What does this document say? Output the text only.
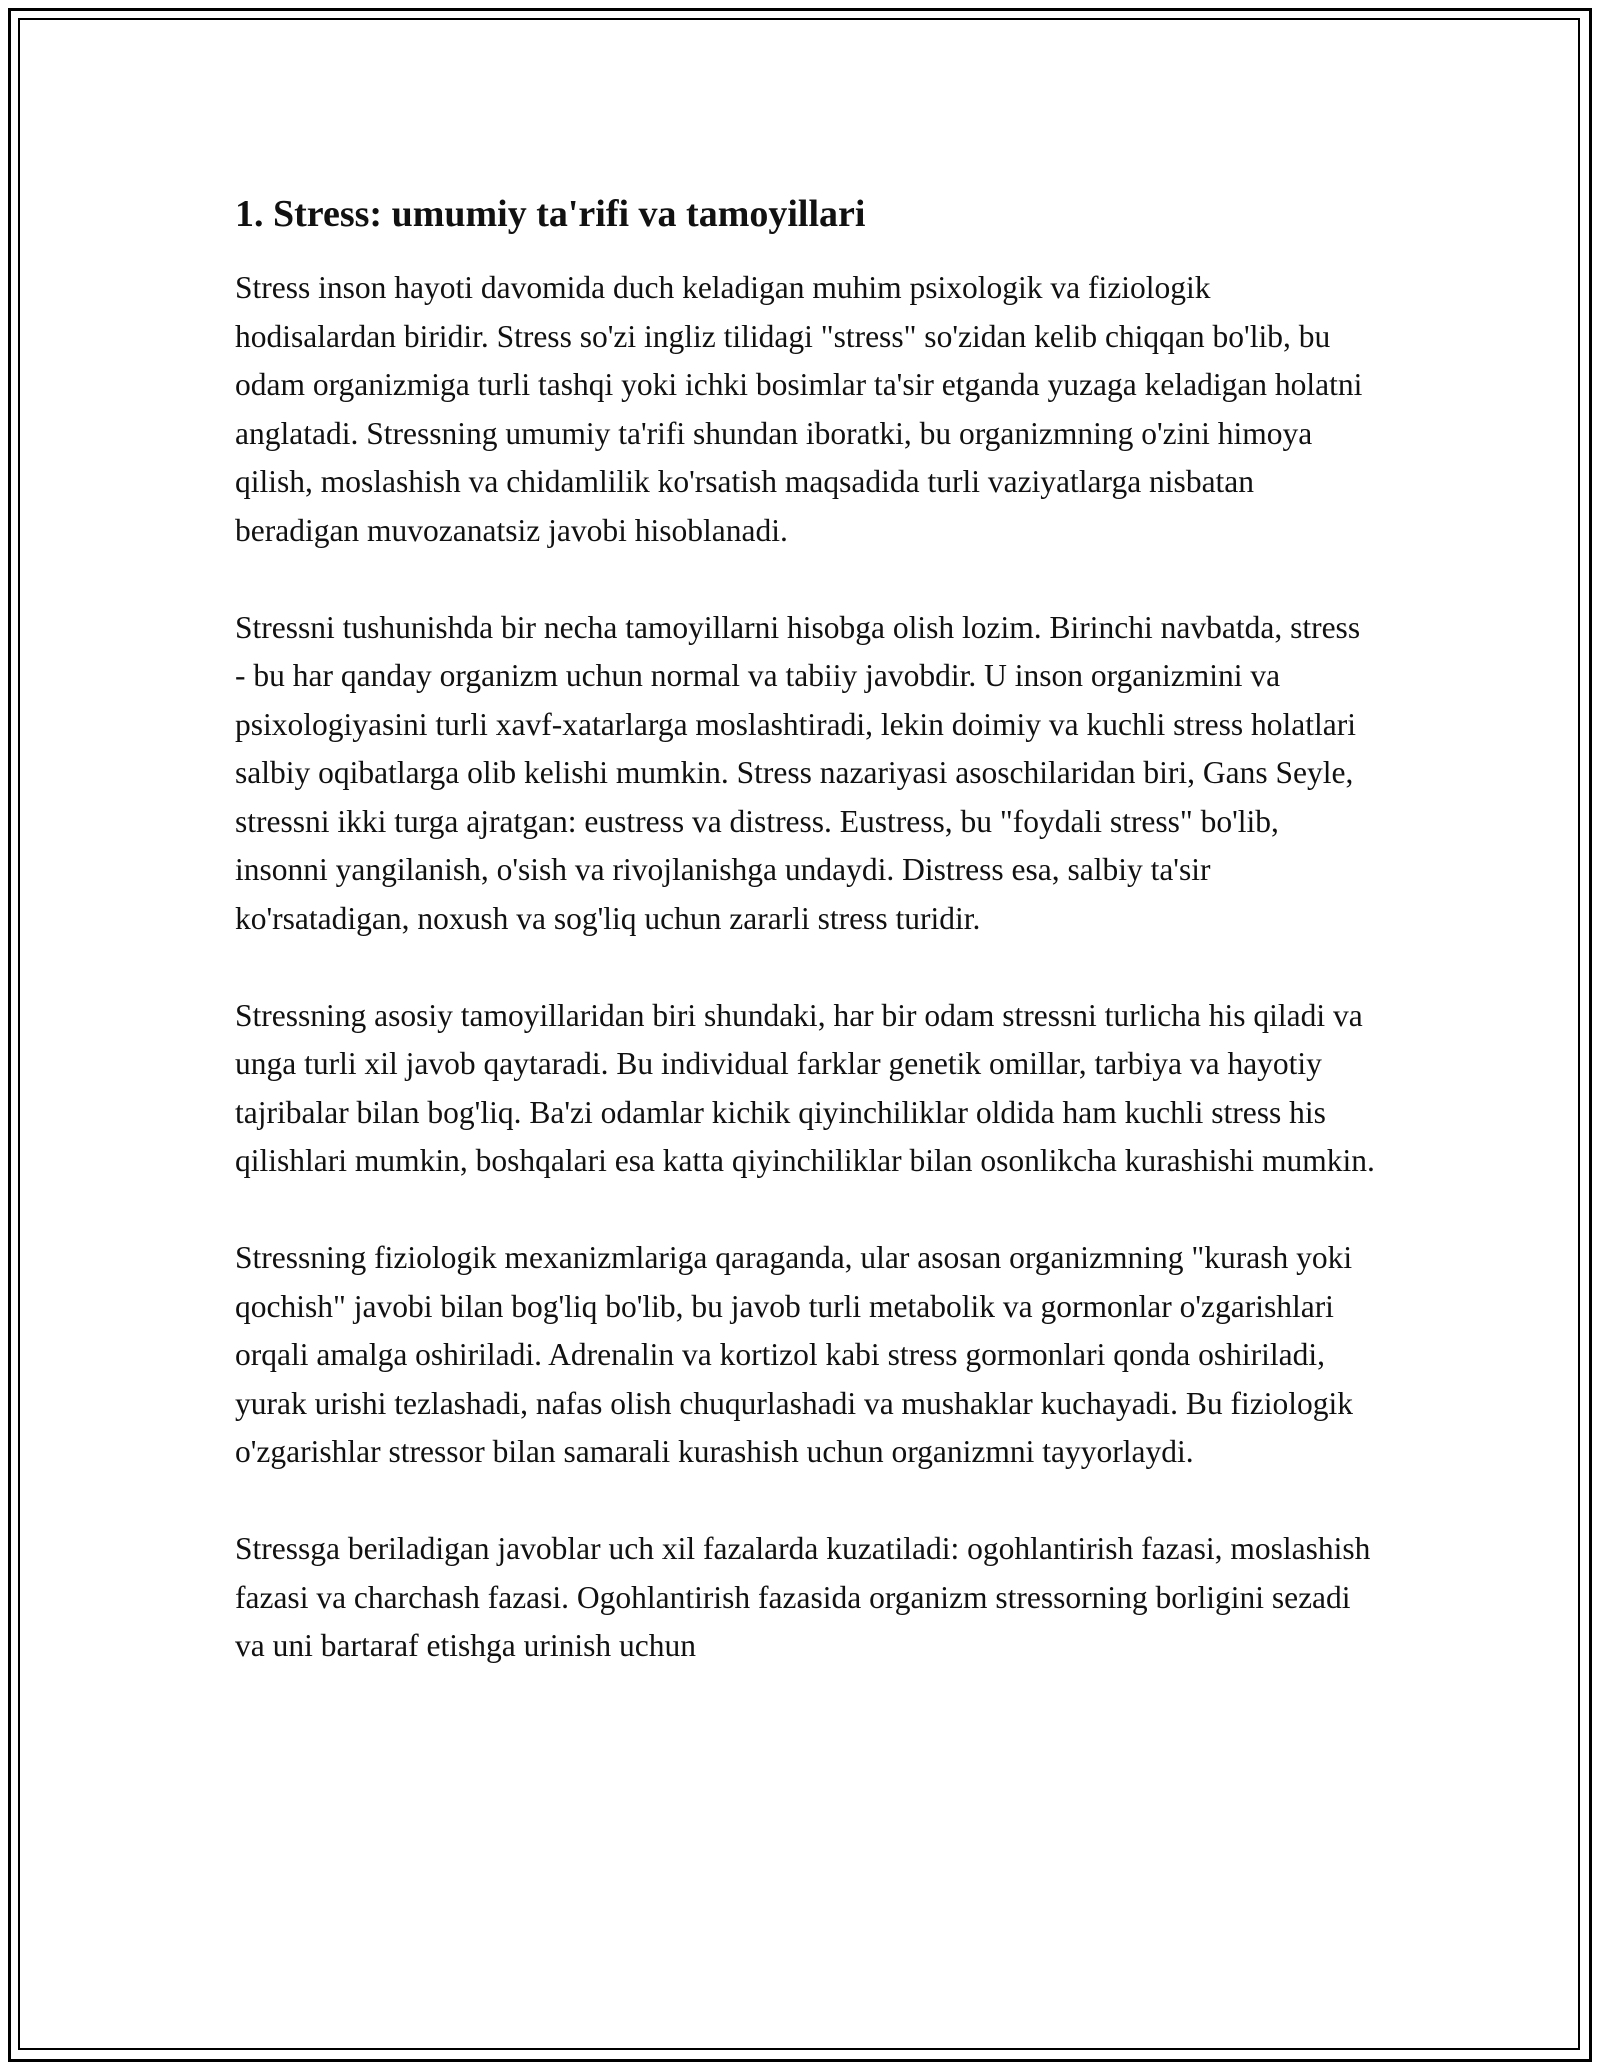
1. Stress: umumiy ta'rifi va tamoyillari

Stress inson hayoti davomida duch keladigan muhim psixologik va fiziologik hodisalardan biridir. Stress so'zi ingliz tilidagi "stress" so'zidan kelib chiqqan bo'lib, bu odam organizmiga turli tashqi yoki ichki bosimlar ta'sir etganda yuzaga keladigan holatni anglatadi. Stressning umumiy ta'rifi shundan iboratki, bu organizmning o'zini himoya qilish, moslashish va chidamlilik ko'rsatish maqsadida turli vaziyatlarga nisbatan beradigan muvozanatsiz javobi hisoblanadi.

Stressni tushunishda bir necha tamoyillarni hisobga olish lozim. Birinchi navbatda, stress - bu har qanday organizm uchun normal va tabiiy javobdir. U inson organizmini va psixologiyasini turli xavf-xatarlarga moslashtiradi, lekin doimiy va kuchli stress holatlari salbiy oqibatlarga olib kelishi mumkin. Stress nazariyasi asoschilaridan biri, Gans Seyle, stressni ikki turga ajratgan: eustress va distress. Eustress, bu "foydali stress" bo'lib, insonni yangilanish, o'sish va rivojlanishga undaydi. Distress esa, salbiy ta'sir ko'rsatadigan, noxush va sog'liq uchun zararli stress turidir.

Stressning asosiy tamoyillaridan biri shundaki, har bir odam stressni turlicha his qiladi va unga turli xil javob qaytaradi. Bu individual farklar genetik omillar, tarbiya va hayotiy tajribalar bilan bog'liq. Ba'zi odamlar kichik qiyinchiliklar oldida ham kuchli stress his qilishlari mumkin, boshqalari esa katta qiyinchiliklar bilan osonlikcha kurashishi mumkin.

Stressning fiziologik mexanizmlariga qaraganda, ular asosan organizmning "kurash yoki qochish" javobi bilan bog'liq bo'lib, bu javob turli metabolik va gormonlar o'zgarishlari orqali amalga oshiriladi. Adrenalin va kortizol kabi stress gormonlari qonda oshiriladi, yurak urishi tezlashadi, nafas olish chuqurlashadi va mushaklar kuchayadi. Bu fiziologik o'zgarishlar stressor bilan samarali kurashish uchun organizmni tayyorlaydi.

Stressga beriladigan javoblar uch xil fazalarda kuzatiladi: ogohlantirish fazasi, moslashish fazasi va charchash fazasi. Ogohlantirish fazasida organizm stressorning borligini sezadi va uni bartaraf etishga urinish uchun
